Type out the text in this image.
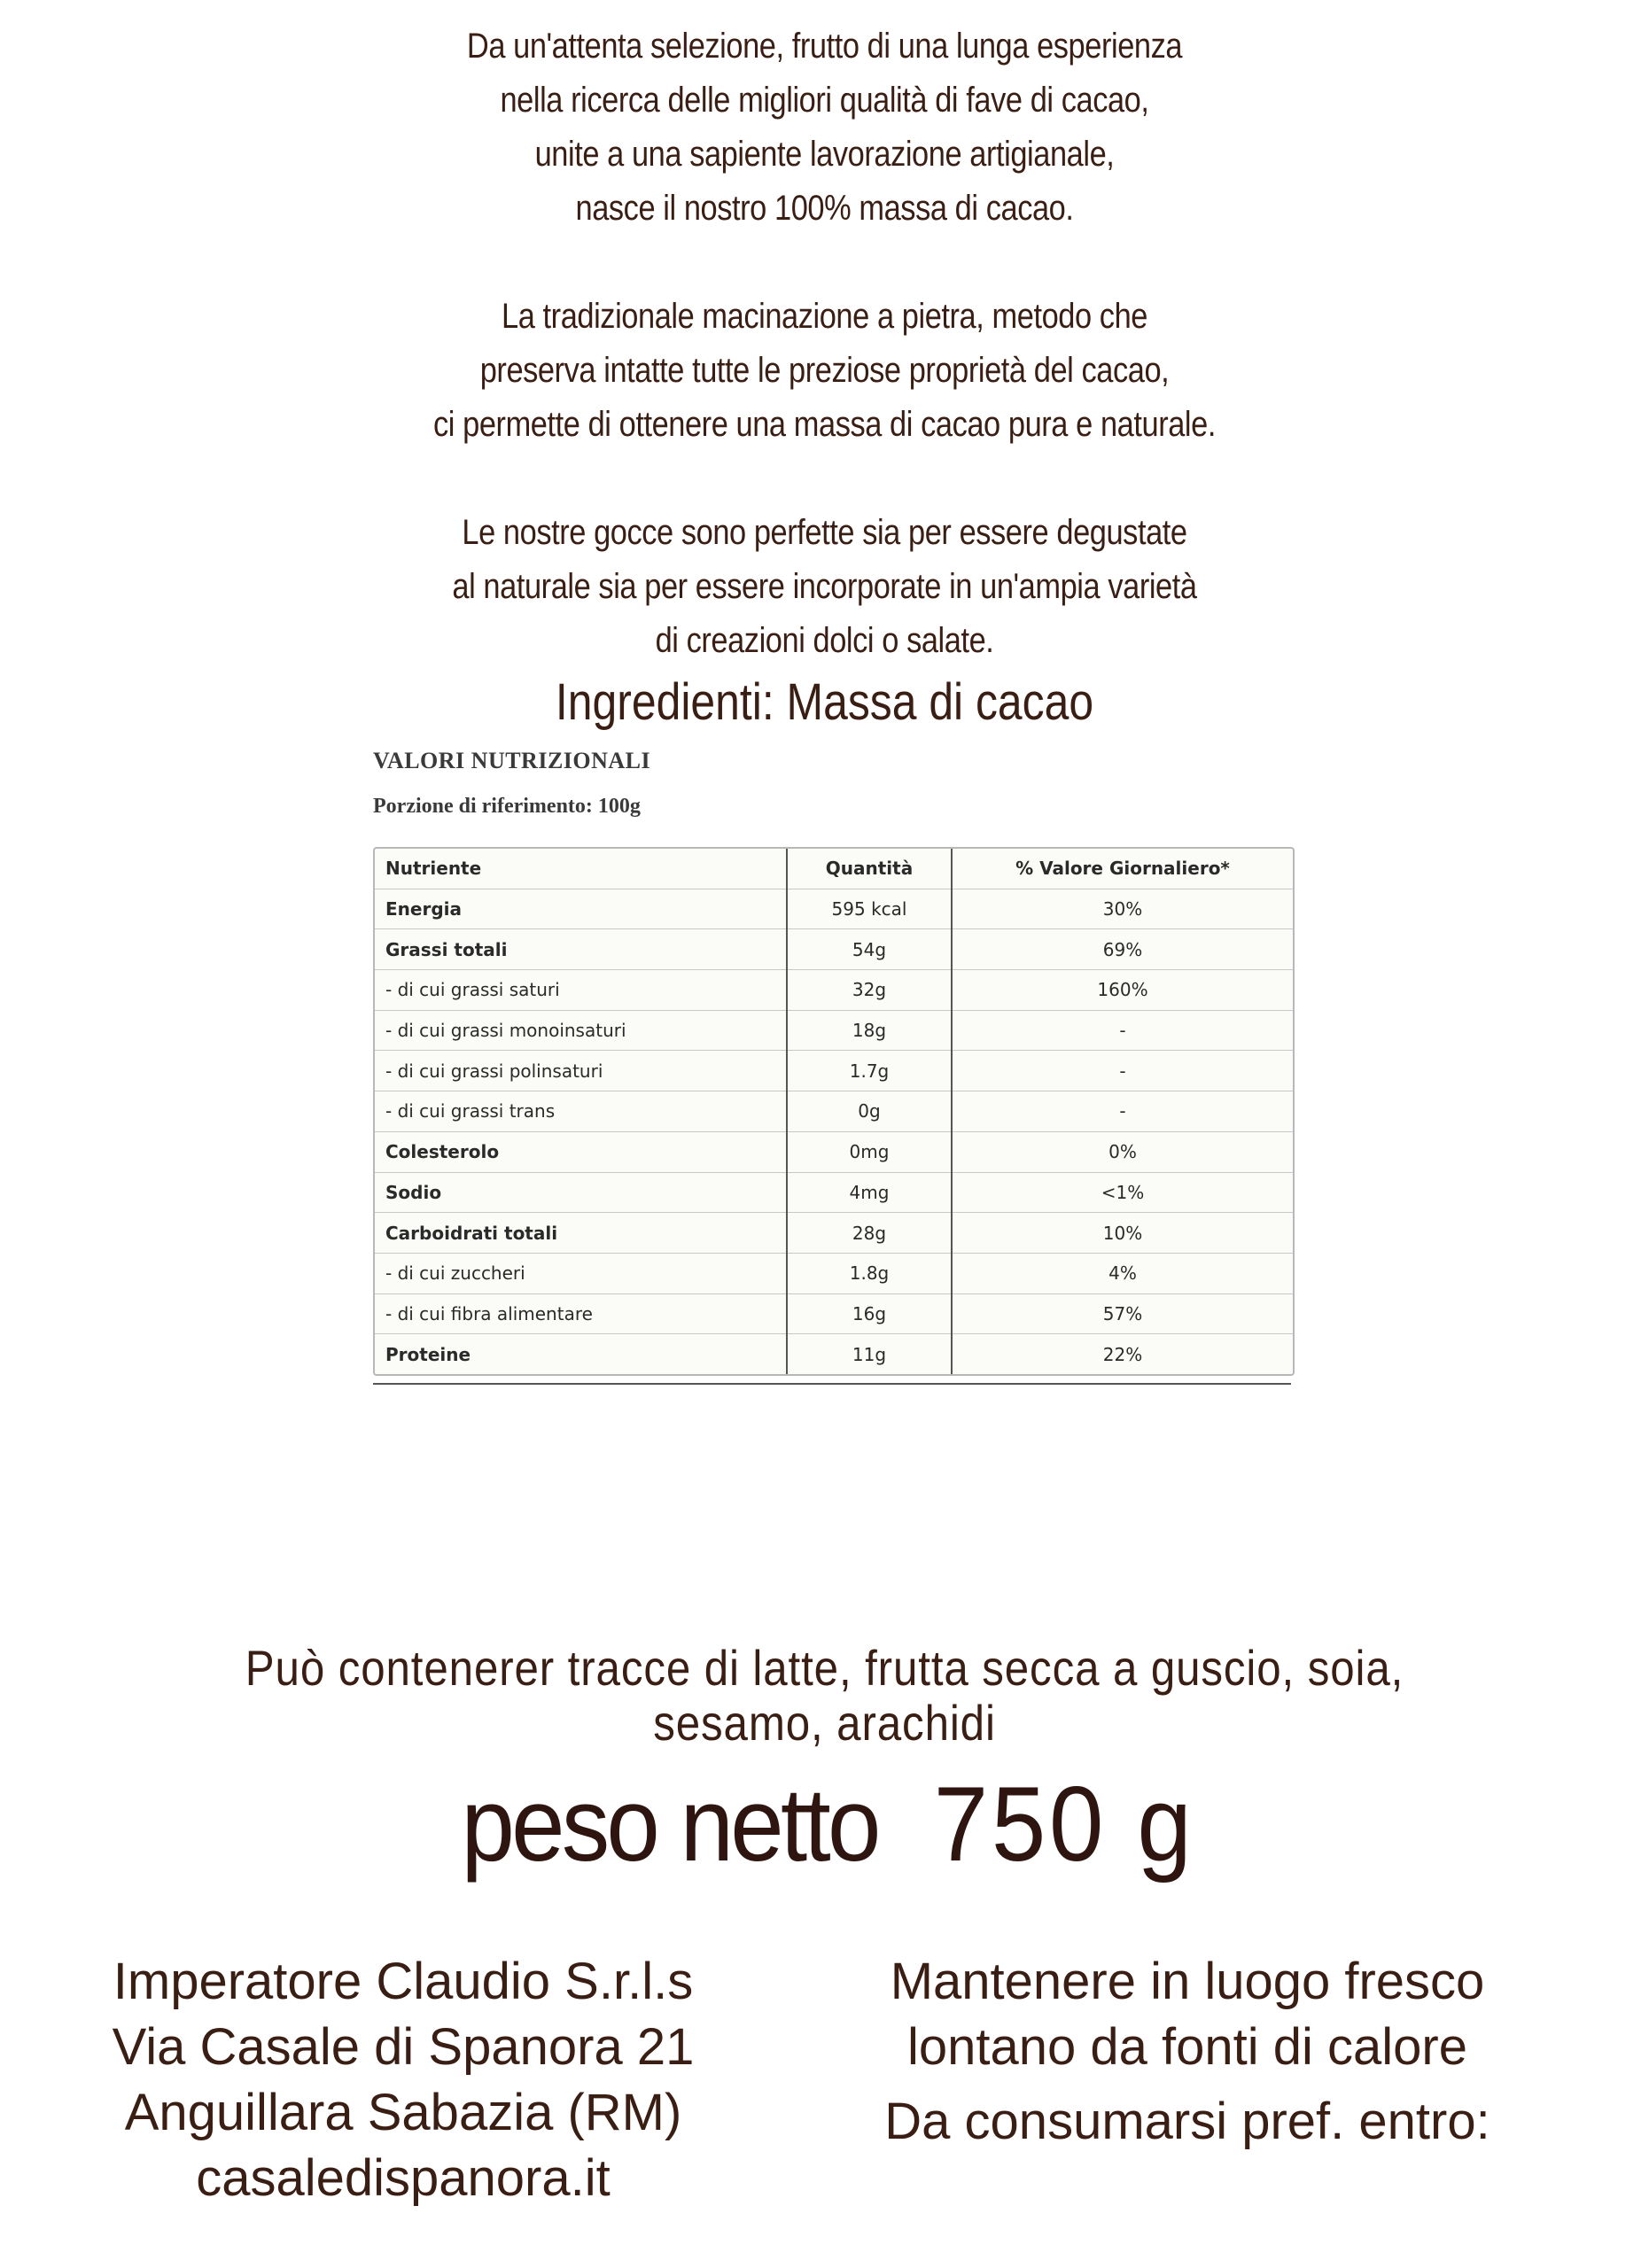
Da un'attenta selezione, frutto di una lunga esperienza
nella ricerca delle migliori qualità di fave di cacao,
unite a una sapiente lavorazione artigianale,
nasce il nostro 100% massa di cacao.

La tradizionale macinazione a pietra, metodo che
preserva intatte tutte le preziose proprietà del cacao,
ci permette di ottenere una massa di cacao pura e naturale.

Le nostre gocce sono perfette sia per essere degustate
al naturale sia per essere incorporate in un'ampia varietà
di creazioni dolci o salate.

Ingredienti: Massa di cacao
VALORI NUTRIZIONALI
Porzione di riferimento: 100g
Nutriente	Quantità	% Valore Giornaliero*
Energia	595 kcal	30%
Grassi totali	54g	69%
- di cui grassi saturi	32g	160%
- di cui grassi monoinsaturi	18g	-
- di cui grassi polinsaturi	1.7g	-
- di cui grassi trans	0g	-
Colesterolo	0mg	0%
Sodio	4mg	<1%
Carboidrati totali	28g	10%
- di cui zuccheri	1.8g	4%
- di cui fibra alimentare	16g	57%
Proteine	11g	22%
Può contenerer tracce di latte, frutta secca a guscio, soia,
sesamo, arachidi
peso netto 750 g
Imperatore Claudio S.r.l.s
Via Casale di Spanora 21
Anguillara Sabazia (RM)
casaledispanora.it
Mantenere in luogo fresco
lontano da fonti di calore
Da consumarsi pref. entro:
